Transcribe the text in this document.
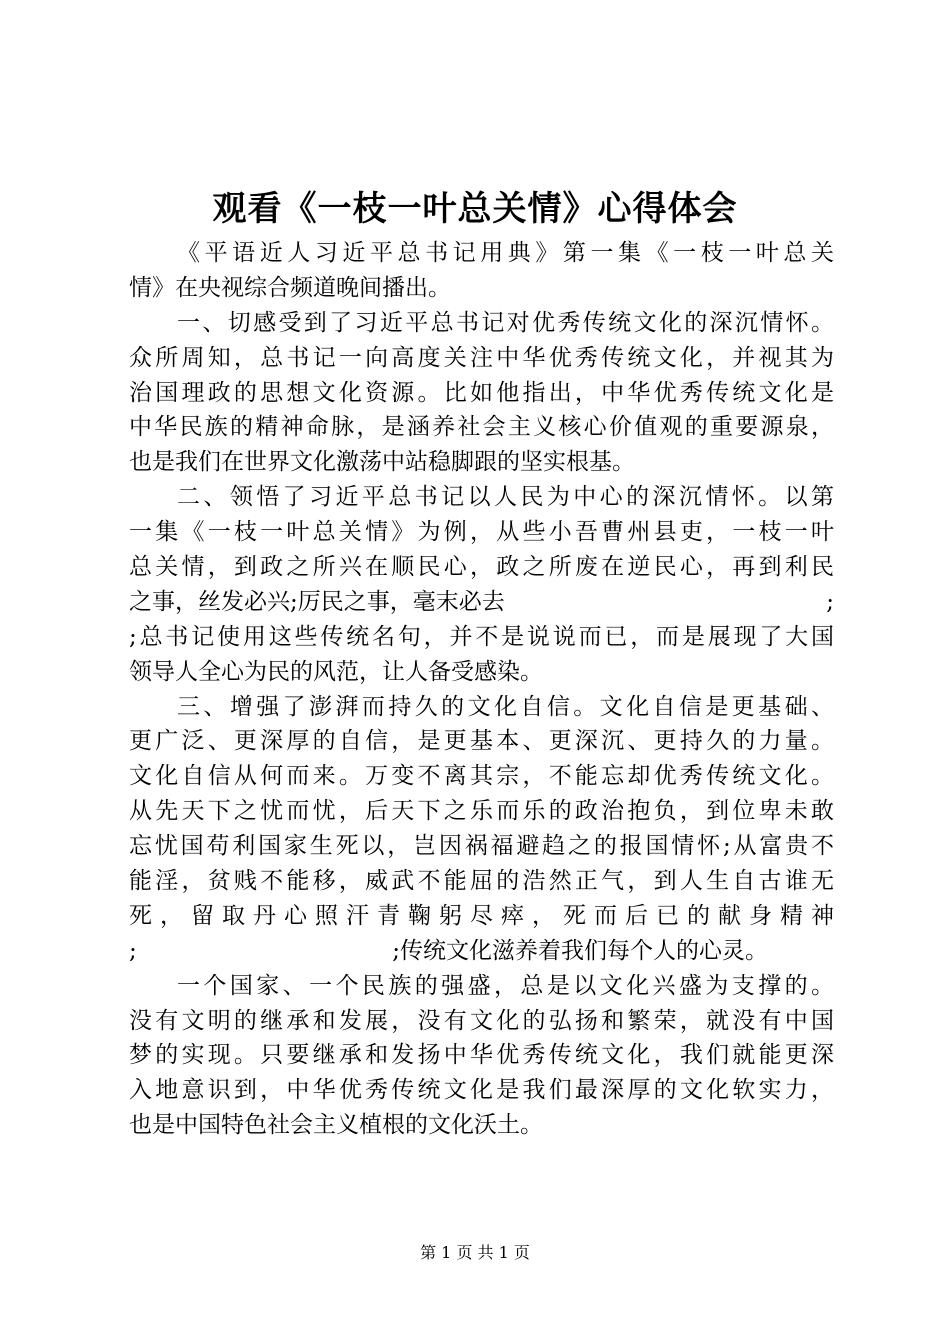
观看《一枝一叶总关情》心得体会
《平语近人习近平总书记用典》第一集《一枝一叶总关
情》在央视综合频道晚间播出。
一、切感受到了习近平总书记对优秀传统文化的深沉情怀。
众所周知，总书记一向高度关注中华优秀传统文化，并视其为
治国理政的思想文化资源。比如他指出，中华优秀传统文化是
中华民族的精神命脉，是涵养社会主义核心价值观的重要源泉，
也是我们在世界文化激荡中站稳脚跟的坚实根基。
二、领悟了习近平总书记以人民为中心的深沉情怀。以第
一集《一枝一叶总关情》为例，从些小吾曹州县吏，一枝一叶
总关情，到政之所兴在顺民心，政之所废在逆民心，再到利民
之事，丝发必兴;厉民之事，毫末必去	;
;总书记使用这些传统名句，并不是说说而已，而是展现了大国
领导人全心为民的风范，让人备受感染。
三、增强了澎湃而持久的文化自信。文化自信是更基础、
更广泛、更深厚的自信，是更基本、更深沉、更持久的力量。
文化自信从何而来。万变不离其宗，不能忘却优秀传统文化。
从先天下之忧而忧，后天下之乐而乐的政治抱负，到位卑未敢
忘忧国苟利国家生死以，岂因祸福避趋之的报国情怀;从富贵不
能淫，贫贱不能移，威武不能屈的浩然正气，到人生自古谁无
死，留取丹心照汗青鞠躬尽瘁，死而后已的献身精神
;	;传统文化滋养着我们每个人的心灵。
一个国家、一个民族的强盛，总是以文化兴盛为支撑的。
没有文明的继承和发展，没有文化的弘扬和繁荣，就没有中国
梦的实现。只要继承和发扬中华优秀传统文化，我们就能更深
入地意识到，中华优秀传统文化是我们最深厚的文化软实力，
也是中国特色社会主义植根的文化沃土。
第 1 页 共 1 页
